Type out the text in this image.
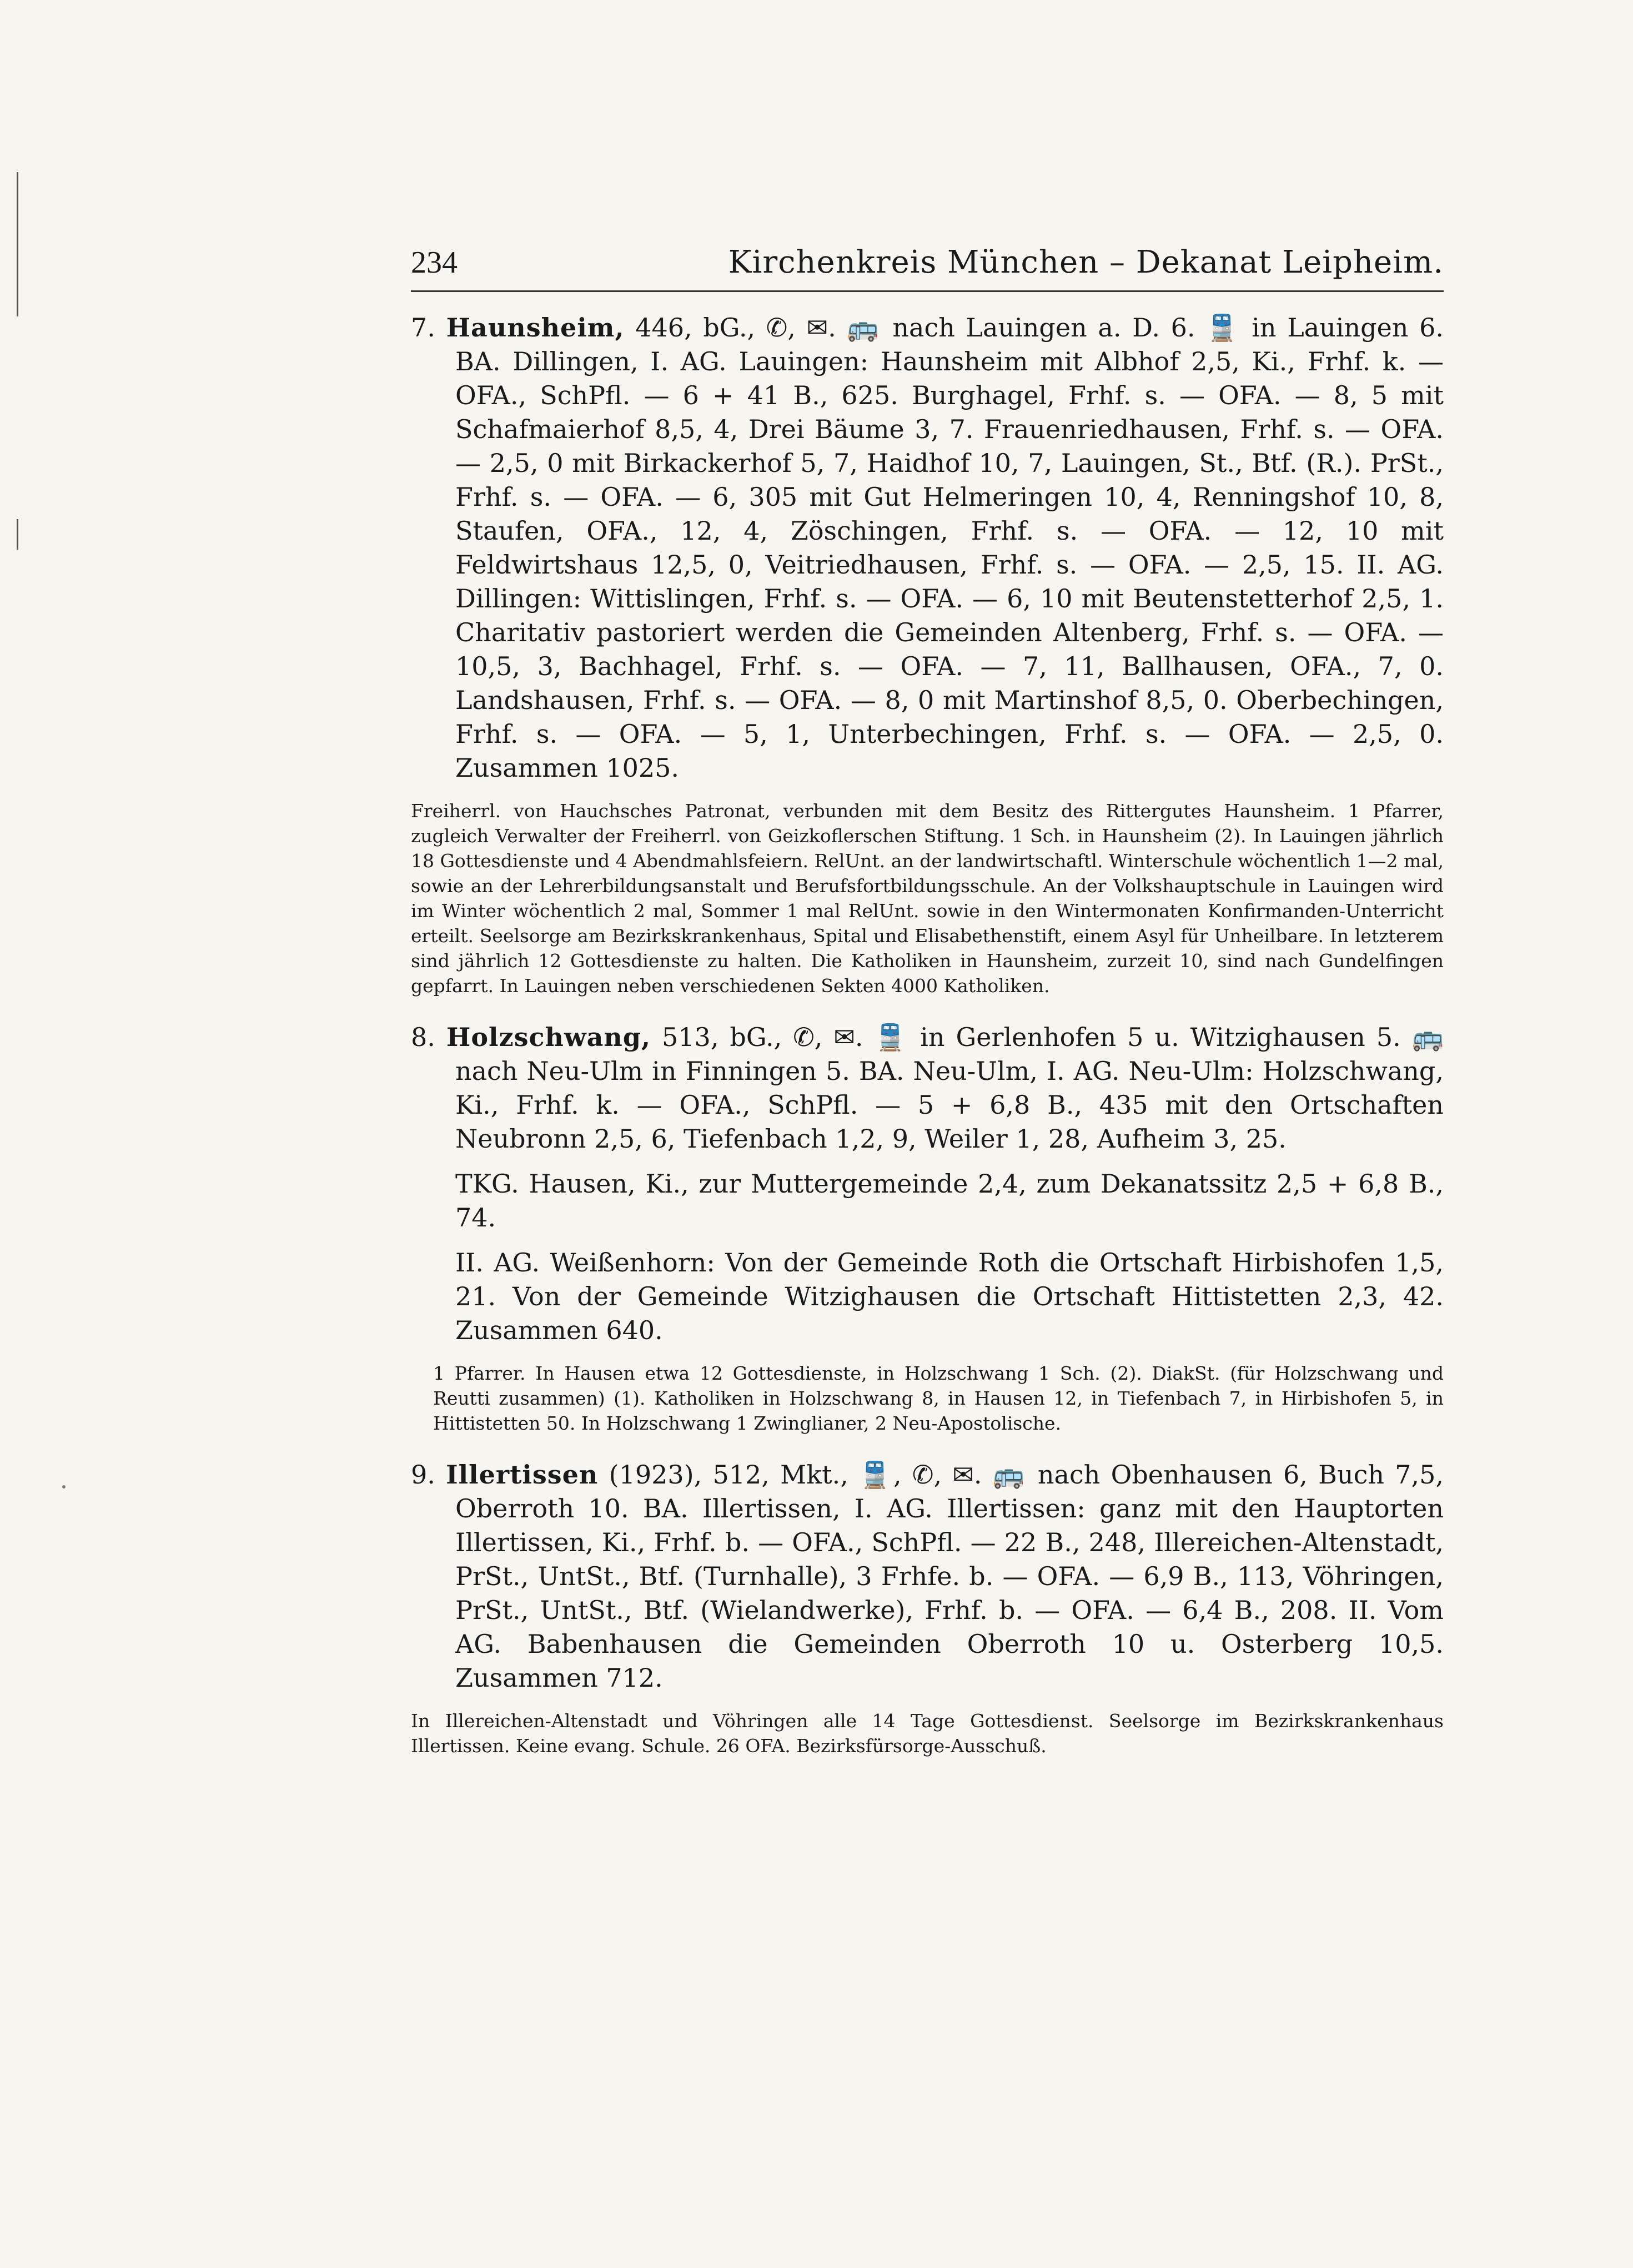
234	Kirchenkreis München – Dekanat Leipheim.
7. Haunsheim, 446, bG., ✆, ✉. 🚌 nach Lauingen a. D. 6. 🚆 in Lauingen 6. BA. Dillingen, I. AG. Lauingen: Haunsheim mit Albhof 2,5, Ki., Frhf. k. — OFA., SchPfl. — 6 + 41 B., 625. Burghagel, Frhf. s. — OFA. — 8, 5 mit Schafmaierhof 8,5, 4, Drei Bäume 3, 7. Frauenriedhausen, Frhf. s. — OFA. — 2,5, 0 mit Birkackerhof 5, 7, Haidhof 10, 7, Lauingen, St., Btf. (R.). PrSt., Frhf. s. — OFA. — 6, 305 mit Gut Helmeringen 10, 4, Renningshof 10, 8, Staufen, OFA., 12, 4, Zöschingen, Frhf. s. — OFA. — 12, 10 mit Feldwirtshaus 12,5, 0, Veitriedhausen, Frhf. s. — OFA. — 2,5, 15. II. AG. Dillingen: Wittislingen, Frhf. s. — OFA. — 6, 10 mit Beutenstetterhof 2,5, 1. Charitativ pastoriert werden die Gemeinden Altenberg, Frhf. s. — OFA. — 10,5, 3, Bachhagel, Frhf. s. — OFA. — 7, 11, Ballhausen, OFA., 7, 0. Landshausen, Frhf. s. — OFA. — 8, 0 mit Martinshof 8,5, 0. Oberbechingen, Frhf. s. — OFA. — 5, 1, Unterbechingen, Frhf. s. — OFA. — 2,5, 0. Zusammen 1025.
Freiherrl. von Hauchsches Patronat, verbunden mit dem Besitz des Rittergutes Haunsheim. 1 Pfarrer, zugleich Verwalter der Freiherrl. von Geizkoflerschen Stiftung. 1 Sch. in Haunsheim (2). In Lauingen jährlich 18 Gottesdienste und 4 Abendmahlsfeiern. RelUnt. an der landwirtschaftl. Winterschule wöchentlich 1—2 mal, sowie an der Lehrerbildungsanstalt und Berufsfortbildungsschule. An der Volkshauptschule in Lauingen wird im Winter wöchentlich 2 mal, Sommer 1 mal RelUnt. sowie in den Wintermonaten Konfirmanden-Unterricht erteilt. Seelsorge am Bezirkskrankenhaus, Spital und Elisabethenstift, einem Asyl für Unheilbare. In letzterem sind jährlich 12 Gottesdienste zu halten. Die Katholiken in Haunsheim, zurzeit 10, sind nach Gundelfingen gepfarrt. In Lauingen neben verschiedenen Sekten 4000 Katholiken.
8. Holzschwang, 513, bG., ✆, ✉. 🚆 in Gerlenhofen 5 u. Witzighausen 5. 🚌 nach Neu-Ulm in Finningen 5. BA. Neu-Ulm, I. AG. Neu-Ulm: Holzschwang, Ki., Frhf. k. — OFA., SchPfl. — 5 + 6,8 B., 435 mit den Ortschaften Neubronn 2,5, 6, Tiefenbach 1,2, 9, Weiler 1, 28, Aufheim 3, 25.
TKG. Hausen, Ki., zur Muttergemeinde 2,4, zum Dekanatssitz 2,5 + 6,8 B., 74.
II. AG. Weißenhorn: Von der Gemeinde Roth die Ortschaft Hirbishofen 1,5, 21. Von der Gemeinde Witzighausen die Ortschaft Hittistetten 2,3, 42. Zusammen 640.
1 Pfarrer. In Hausen etwa 12 Gottesdienste, in Holzschwang 1 Sch. (2). DiakSt. (für Holzschwang und Reutti zusammen) (1). Katholiken in Holzschwang 8, in Hausen 12, in Tiefenbach 7, in Hirbishofen 5, in Hittistetten 50. In Holzschwang 1 Zwinglianer, 2 Neu-Apostolische.
9. Illertissen (1923), 512, Mkt., 🚆, ✆, ✉. 🚌 nach Obenhausen 6, Buch 7,5, Oberroth 10. BA. Illertissen, I. AG. Illertissen: ganz mit den Hauptorten Illertissen, Ki., Frhf. b. — OFA., SchPfl. — 22 B., 248, Illereichen-Altenstadt, PrSt., UntSt., Btf. (Turnhalle), 3 Frhfe. b. — OFA. — 6,9 B., 113, Vöhringen, PrSt., UntSt., Btf. (Wielandwerke), Frhf. b. — OFA. — 6,4 B., 208. II. Vom AG. Babenhausen die Gemeinden Oberroth 10 u. Osterberg 10,5. Zusammen 712.
In Illereichen-Altenstadt und Vöhringen alle 14 Tage Gottesdienst. Seelsorge im Bezirkskrankenhaus Illertissen. Keine evang. Schule. 26 OFA. Bezirksfürsorge-Ausschuß.
